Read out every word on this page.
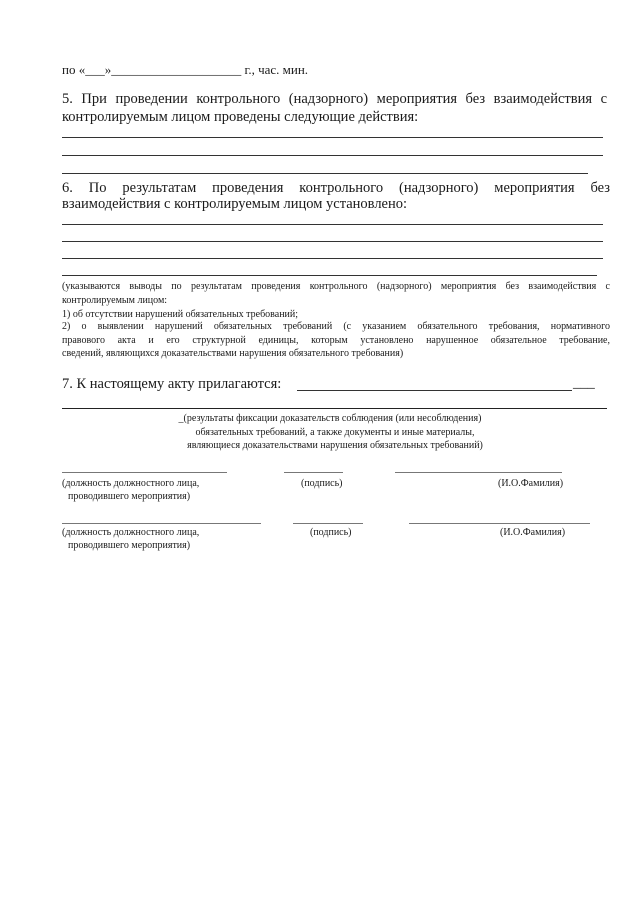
по «___»____________________ г., час. мин.
5. При проведении контрольного (надзорного) мероприятия без взаимодействия с
контролируемым лицом проведены следующие действия:
6. По результатам проведения контрольного (надзорного) мероприятия без
взаимодействия с контролируемым лицом установлено:
(указываются выводы по результатам проведения контрольного (надзорного) мероприятия без взаимодействия с
контролируемым лицом:
1) об отсутствии нарушений обязательных требований;
2) о выявлении нарушений обязательных требований (с указанием обязательного требования, нормативного
правового акта и его структурной единицы, которым установлено нарушенное обязательное требование,
сведений, являющихся доказательствами нарушения обязательного требования)
7. К настоящему акту прилагаются:	___
_(результаты фиксации доказательств соблюдения (или несоблюдения)
обязательных требований, а также документы и иные материалы,
являющиеся доказательствами нарушения обязательных требований)
(должность должностного лица,
проводившего мероприятия)
(подпись)	(И.О.Фамилия)
(должность должностного лица,
проводившего мероприятия)
(подпись)	(И.О.Фамилия)
